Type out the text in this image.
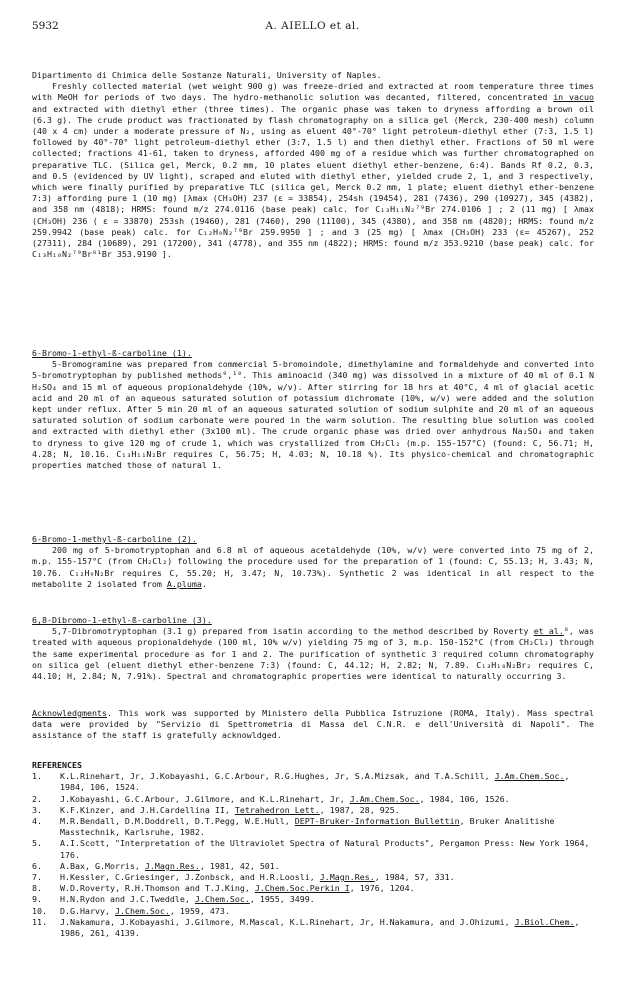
5932	A. AIELLO et al.

Dipartimento di Chimica delle Sostanze Naturali, University of Naples.

Freshly collected material (wet weight 900 g) was freeze-dried and extracted at room temperature three times with MeOH for periods of two days. The hydro-methanolic solution was decanted, filtered, concentrated in vacuo and extracted with diethyl ether (three times). The organic phase was taken to dryness affording a brown oil (6.3 g). The crude product was fractionated by flash chromatography on a silica gel (Merck, 230-400 mesh) column (40 x 4 cm) under a moderate pressure of N₂, using as eluent 40°-70° light petroleum-diethyl ether (7:3, 1.5 l) followed by 40°-70° light petroleum-diethyl ether (3:7, 1.5 l) and then diethyl ether. Fractions of 50 ml were collected; fractions 41-61, taken to dryness, afforded 400 mg of a residue which was further chromatographed on preparative TLC. (Silica gel, Merck, 0.2 mm, 10 plates eluent diethyl ether-benzene, 6:4). Bands Rf 0.2, 0.3, and 0.5 (evidenced by UV light), scraped and eluted with diethyl ether, yielded crude 2, 1, and 3 respectively, which were finally purified by preparative TLC (silica gel, Merck 0.2 mm, 1 plate; eluent diethyl ether-benzene 7:3) affording pure 1 (10 mg) [λmax (CH₃OH) 237 (ε = 33854), 254sh (19454), 281 (7436), 290 (10927), 345 (4382), and 358 nm (4818); HRMS: found m/z 274.0116 (base peak) calc. for C₁₃H₁₁N₂⁷⁹Br 274.0106 ] ; 2 (11 mg) [ λmax (CH₃OH) 236 ( ε = 33870) 253sh (19460), 281 (7460), 290 (11100), 345 (4380), and 358 nm (4820); HRMS: found m/z 259.9942 (base peak) calc. for C₁₂H₉N₂⁷⁹Br 259.9950 ] ; and 3 (25 mg) [ λmax (CH₃OH) 233 (ε= 45267), 252 (27311), 284 (10689), 291 (17200), 341 (4778), and 355 nm (4822); HRMS: found m/z 353.9210 (base peak) calc. for C₁₃H₁₀N₂⁷⁹Br⁸¹Br 353.9190 ].

6-Bromo-1-ethyl-ß-carboline (1).

5-Bromogramine was prepared from commercial 5-bromoindole, dimethylamine and formaldehyde and converted into 5-bromotryptophan by published methods⁹,¹⁰. This aminoacid (340 mg) was dissolved in a mixture of 40 ml of 0.1 N H₂SO₄ and 15 ml of aqueous propionaldehyde (10%, w/v). After stirring for 18 hrs at 40°C, 4 ml of glacial acetic acid and 20 ml of an aqueous saturated solution of potassium dichromate (10%, w/v) were added and the solution kept under reflux. After 5 min 20 ml of an aqueous saturated solution of sodium sulphite and 20 ml of an aqueous saturated solution of sodium carbonate were poured in the warm solution. The resulting blue solution was cooled and extracted with diethyl ether (3x100 ml). The crude organic phase was dried over anhydrous Na₂SO₄ and taken to dryness to give 120 mg of crude 1, which was crystallized from CH₂Cl₂ (m.p. 155-157°C) (found: C, 56.71; H, 4.28; N, 10.16. C₁₃H₁₁N₂Br requires C, 56.75; H, 4.03; N, 10.18 %). Its physico-chemical and chromatographic properties matched those of natural 1.

6-Bromo-1-methyl-ß-carboline (2).

200 mg of 5-bromotryptophan and 6.8 ml of aqueous acetaldehyde (10%, w/v) were converted into 75 mg of 2, m.p. 155-157°C (from CH₂Cl₂) following the procedure used for the preparation of 1 (found: C, 55.13; H, 3.43; N, 10.76. C₁₂H₉N₂Br requires C, 55.20; H, 3.47; N, 10.73%). Synthetic 2 was identical in all respect to the metabolite 2 isolated from A.pluma.

6,8-Dibromo-1-ethyl-ß-carboline (3).

5,7-Dibromotryptophan (3.1 g) prepared from isatin according to the method described by Roverty et al.⁸, was treated with aqueous propionaldehyde (100 ml, 10% w/v) yielding 75 mg of 3, m.p. 150-152°C (from CH₂Cl₂) through the same experimental procedure as for 1 and 2. The purification of synthetic 3 required column chromatography on silica gel (eluent diethyl ether-benzene 7:3) (found: C, 44.12; H, 2.82; N, 7.89. C₁₃H₁₀N₂Br₂ requires C, 44.10; H, 2.84; N, 7.91%). Spectral and chromatographic properties were identical to naturally occurring 3.

Acknowledgments. This work was supported by Ministero della Pubblica Istruzione (ROMA, Italy). Mass spectral data were provided by "Servizio di Spettrometria di Massa del C.N.R. e dell'Università di Napoli". The assistance of the staff is gratefully acknowldged.

REFERENCES

1. K.L.Rinehart, Jr, J.Kobayashi, G.C.Arbour, R.G.Hughes, Jr, S.A.Mizsak, and T.A.Schill, J.Am.Chem.Soc., 1984, 106, 1524.
2. J.Kobayashi, G.C.Arbour, J.Gilmore, and K.L.Rinehart, Jr, J.Am.Chem.Soc., 1984, 106, 1526.
3. K.F.Kinzer, and J.H.Cardellina II, Tetrahedron Lett., 1987, 28, 925.
4. M.R.Bendall, D.M.Doddrell, D.T.Pegg, W.E.Hull, DEPT-Bruker-Information Bullettin, Bruker Analitishe Masstechnik, Karlsruhe, 1982.
5. A.I.Scott, "Interpretation of the Ultraviolet Spectra of Natural Products", Pergamon Press: New York 1964, 176.
6. A.Bax, G.Morris, J.Magn.Res., 1981, 42, 501.
7. H.Kessler, C.Griesinger, J.Zonbsck, and H.R.Loosli, J.Magn.Res., 1984, 57, 331.
8. W.D.Roverty, R.H.Thomson and T.J.King, J.Chem.Soc.Perkin I, 1976, 1204.
9. H.N.Rydon and J.C.Tweddle, J.Chem.Soc., 1955, 3499.
10. D.G.Harvy, J.Chem.Soc., 1959, 473.
11. J.Nakamura, J.Kobayashi, J.Gilmore, M.Mascal, K.L.Rinehart, Jr, H.Nakamura, and J.Ohizumi, J.Biol.Chem., 1986, 261, 4139.
